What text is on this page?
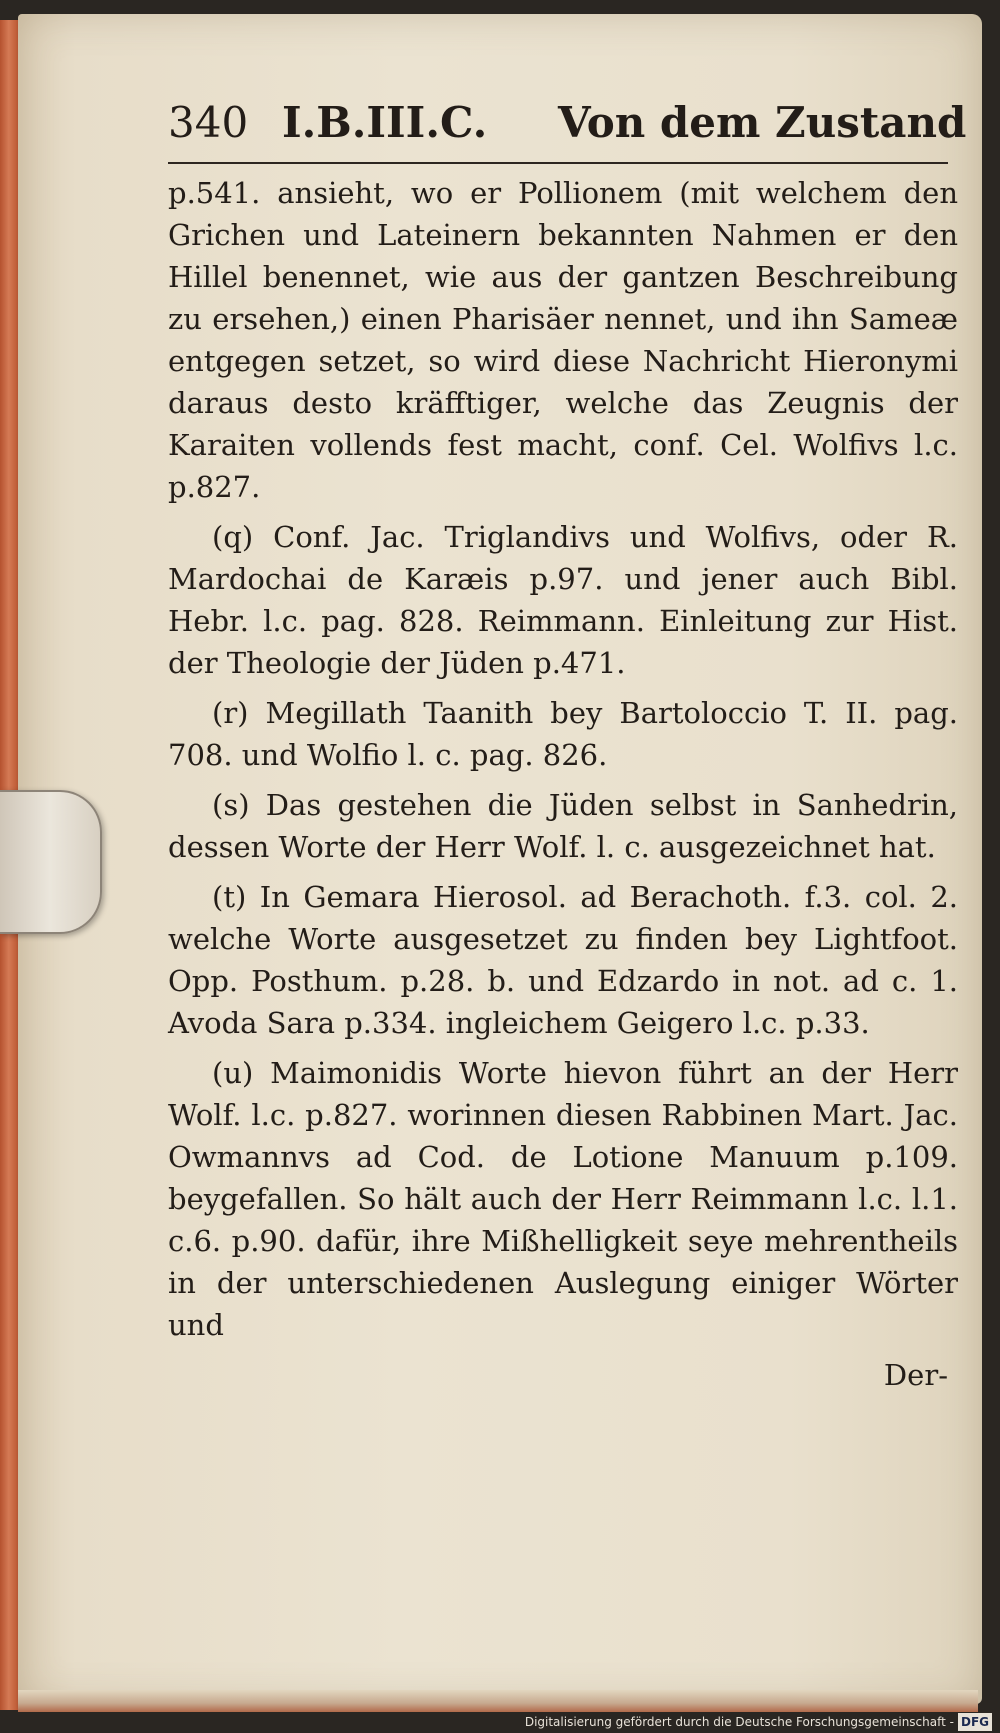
340 I.B.III.C. Von dem Zustand

p.541. ansieht, wo er Pollionem (mit welchem den Grichen und Lateinern bekannten Nahmen er den Hillel benennet, wie aus der gantzen Beschreibung zu ersehen,) einen Pharisäer nennet, und ihn Sameæ entgegen setzet, so wird diese Nachricht Hieronymi daraus desto kräfftiger, welche das Zeugnis der Karaiten vollends fest macht, conf. Cel. Wolfivs l.c. p.827.

(q) Conf. Jac. Triglandivs und Wolfivs, oder R. Mardochai de Karæis p.97. und jener auch Bibl. Hebr. l.c. pag. 828. Reimmann. Einleitung zur Hist. der Theologie der Jüden p.471.

(r) Megillath Taanith bey Bartoloccio T. II. pag. 708. und Wolfio l. c. pag. 826.

(s) Das gestehen die Jüden selbst in Sanhedrin, dessen Worte der Herr Wolf. l. c. ausgezeichnet hat.

(t) In Gemara Hierosol. ad Berachoth. f.3. col. 2. welche Worte ausgesetzet zu finden bey Lightfoot. Opp. Posthum. p.28. b. und Edzardo in not. ad c. 1. Avoda Sara p.334. ingleichem Geigero l.c. p.33.

(u) Maimonidis Worte hievon führt an der Herr Wolf. l.c. p.827. worinnen diesen Rabbinen Mart. Jac. Owmannvs ad Cod. de Lotione Manuum p.109. beygefallen. So hält auch der Herr Reimmann l.c. l.1. c.6. p.90. dafür, ihre Mißhelligkeit seye mehrentheils in der unterschiedenen Auslegung einiger Wörter und

Der-
Digitalisierung gefördert durch die Deutsche Forschungsgemeinschaft - DFG
